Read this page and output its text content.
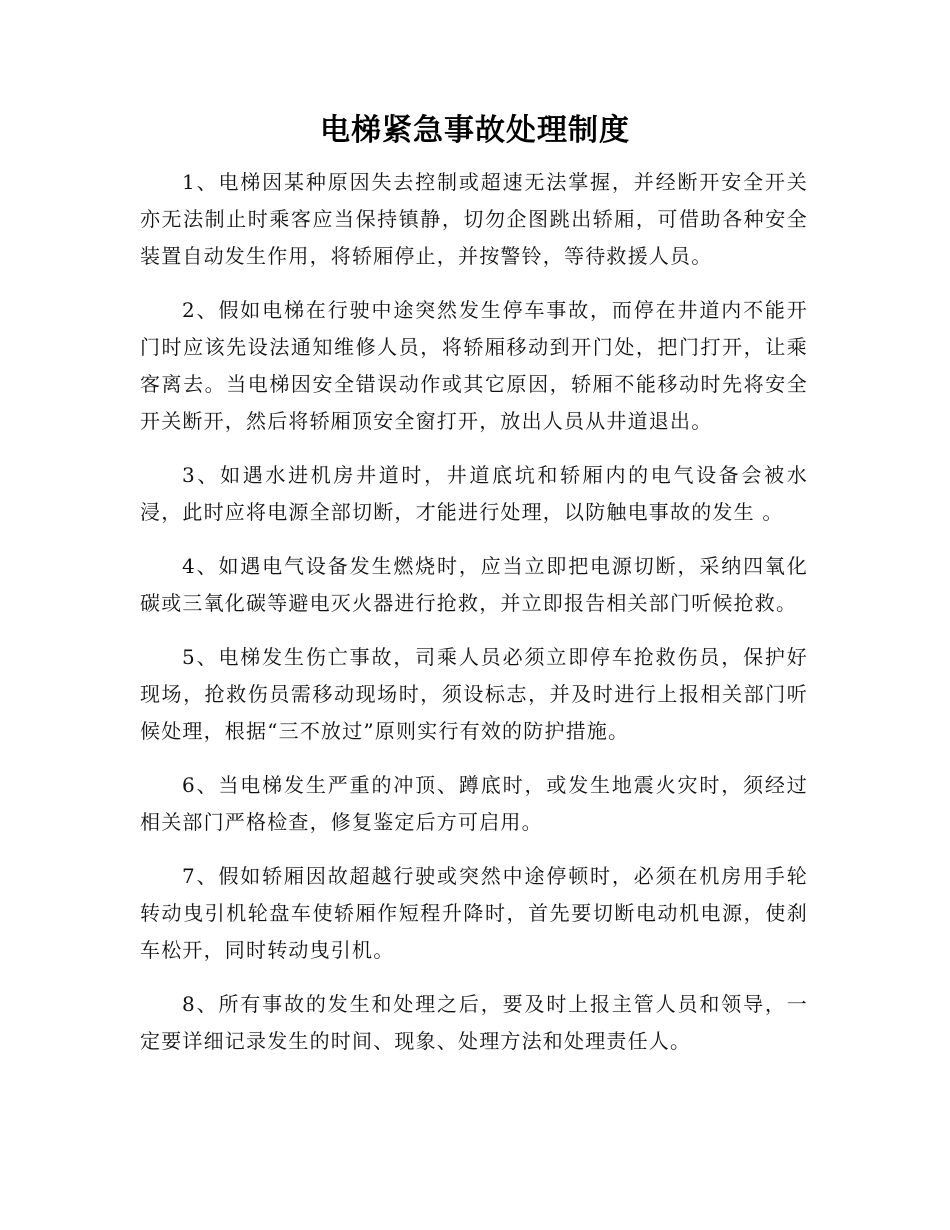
电梯紧急事故处理制度

1、电梯因某种原因失去控制或超速无法掌握，并经断开安全开关亦无法制止时乘客应当保持镇静，切勿企图跳出轿厢，可借助各种安全装置自动发生作用，将轿厢停止，并按警铃，等待救援人员。

2、假如电梯在行驶中途突然发生停车事故，而停在井道内不能开门时应该先设法通知维修人员，将轿厢移动到开门处，把门打开，让乘客离去。当电梯因安全错误动作或其它原因，轿厢不能移动时先将安全开关断开，然后将轿厢顶安全窗打开，放出人员从井道退出。

3、如遇水进机房井道时，井道底坑和轿厢内的电气设备会被水浸，此时应将电源全部切断，才能进行处理，以防触电事故的发生 。

4、如遇电气设备发生燃烧时，应当立即把电源切断，采纳四氧化碳或三氧化碳等避电灭火器进行抢救，并立即报告相关部门听候抢救。

5、电梯发生伤亡事故，司乘人员必须立即停车抢救伤员，保护好现场，抢救伤员需移动现场时，须设标志，并及时进行上报相关部门听候处理，根据“三不放过”原则实行有效的防护措施。

6、当电梯发生严重的冲顶、蹲底时，或发生地震火灾时，须经过相关部门严格检查，修复鉴定后方可启用。

7、假如轿厢因故超越行驶或突然中途停顿时，必须在机房用手轮转动曳引机轮盘车使轿厢作短程升降时，首先要切断电动机电源，使刹车松开，同时转动曳引机。

8、所有事故的发生和处理之后，要及时上报主管人员和领导，一定要详细记录发生的时间、现象、处理方法和处理责任人。
